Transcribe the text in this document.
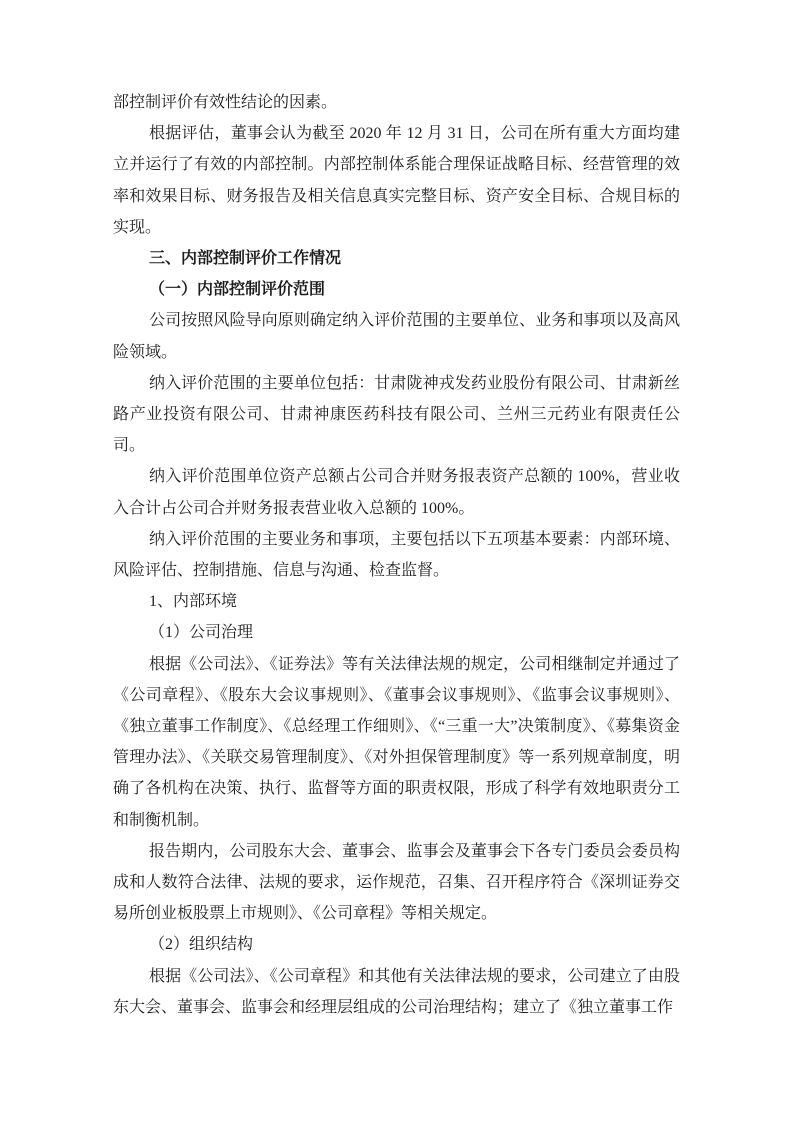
部控制评价有效性结论的因素。

根据评估，董事会认为截至 2020 年 12 月 31 日，公司在所有重大方面均建立并运行了有效的内部控制。内部控制体系能合理保证战略目标、经营管理的效率和效果目标、财务报告及相关信息真实完整目标、资产安全目标、合规目标的实现。

三、内部控制评价工作情况

（一）内部控制评价范围

公司按照风险导向原则确定纳入评价范围的主要单位、业务和事项以及高风险领域。

纳入评价范围的主要单位包括：甘肃陇神戎发药业股份有限公司、甘肃新丝路产业投资有限公司、甘肃神康医药科技有限公司、兰州三元药业有限责任公司。

纳入评价范围单位资产总额占公司合并财务报表资产总额的 100%，营业收入合计占公司合并财务报表营业收入总额的 100%。

纳入评价范围的主要业务和事项，主要包括以下五项基本要素：内部环境、风险评估、控制措施、信息与沟通、检查监督。

1、内部环境

（1）公司治理

根据《公司法》、《证券法》等有关法律法规的规定，公司相继制定并通过了《公司章程》、《股东大会议事规则》、《董事会议事规则》、《监事会议事规则》、《独立董事工作制度》、《总经理工作细则》、《“三重一大”决策制度》、《募集资金管理办法》、《关联交易管理制度》、《对外担保管理制度》等一系列规章制度，明确了各机构在决策、执行、监督等方面的职责权限，形成了科学有效地职责分工和制衡机制。

报告期内，公司股东大会、董事会、监事会及董事会下各专门委员会委员构成和人数符合法律、法规的要求，运作规范，召集、召开程序符合《深圳证券交易所创业板股票上市规则》、《公司章程》等相关规定。

（2）组织结构

根据《公司法》、《公司章程》和其他有关法律法规的要求，公司建立了由股东大会、董事会、监事会和经理层组成的公司治理结构；建立了《独立董事工作
